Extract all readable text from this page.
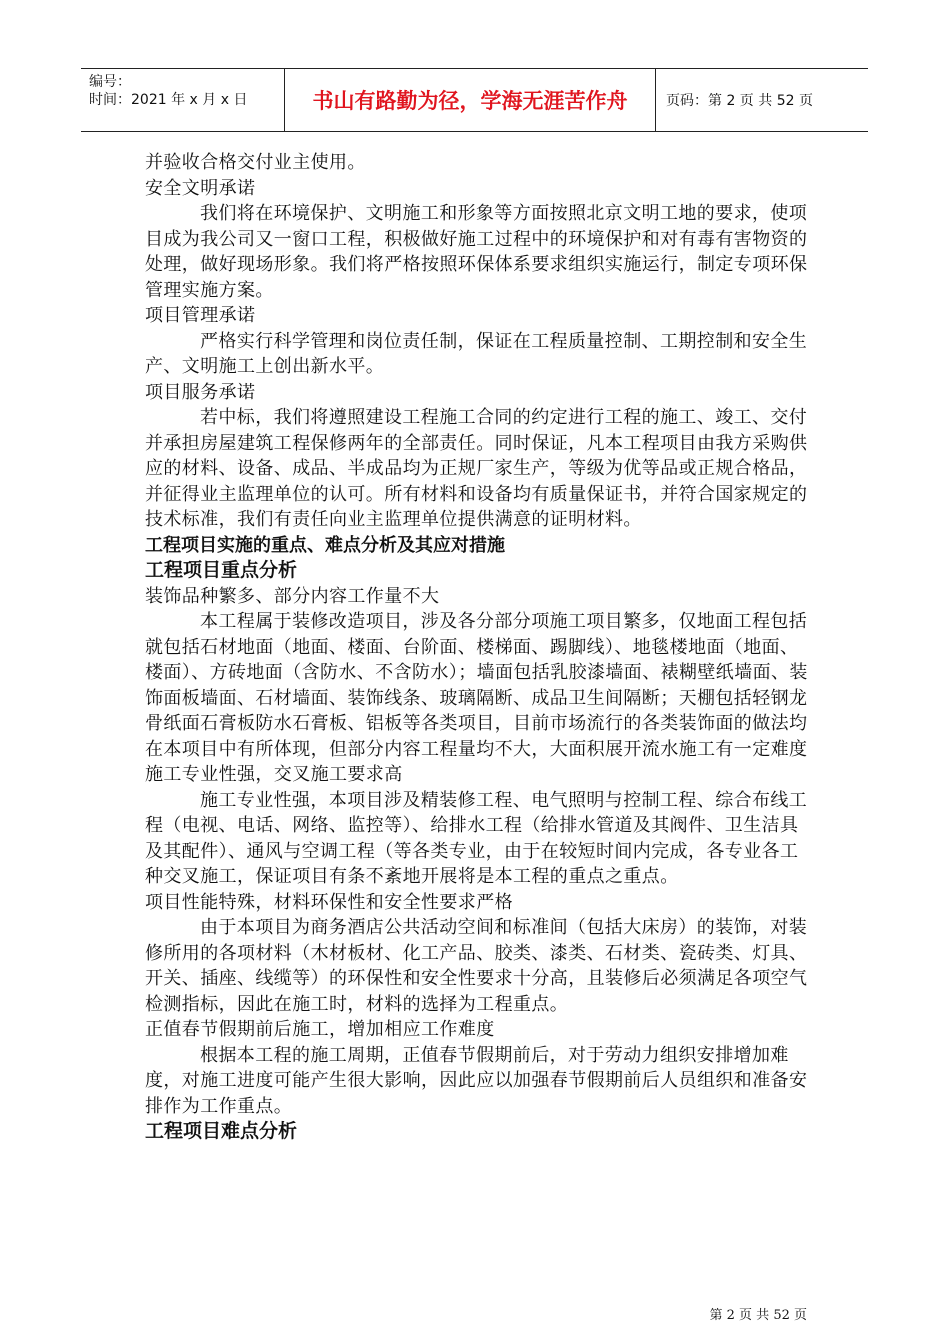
编号：
时间：2021 年 x 月 x 日	书山有路勤为径，学海无涯苦作舟	页码：第 2 页 共 52 页

并验收合格交付业主使用。

安全文明承诺

我们将在环境保护、文明施工和形象等方面按照北京文明工地的要求，使项目成为我公司又一窗口工程，积极做好施工过程中的环境保护和对有毒有害物资的处理，做好现场形象。我们将严格按照环保体系要求组织实施运行，制定专项环保管理实施方案。

项目管理承诺

严格实行科学管理和岗位责任制，保证在工程质量控制、工期控制和安全生产、文明施工上创出新水平。

项目服务承诺

若中标，我们将遵照建设工程施工合同的约定进行工程的施工、竣工、交付并承担房屋建筑工程保修两年的全部责任。同时保证，凡本工程项目由我方采购供应的材料、设备、成品、半成品均为正规厂家生产，等级为优等品或正规合格品，并征得业主监理单位的认可。所有材料和设备均有质量保证书，并符合国家规定的技术标准，我们有责任向业主监理单位提供满意的证明材料。

工程项目实施的重点、难点分析及其应对措施

工程项目重点分析

装饰品种繁多、部分内容工作量不大

本工程属于装修改造项目，涉及各分部分项施工项目繁多，仅地面工程包括就包括石材地面（地面、楼面、台阶面、楼梯面、踢脚线）、地毯楼地面（地面、楼面）、方砖地面（含防水、不含防水）；墙面包括乳胶漆墙面、裱糊壁纸墙面、装饰面板墙面、石材墙面、装饰线条、玻璃隔断、成品卫生间隔断；天棚包括轻钢龙骨纸面石膏板防水石膏板、铝板等各类项目，目前市场流行的各类装饰面的做法均在本项目中有所体现，但部分内容工程量均不大，大面积展开流水施工有一定难度

施工专业性强，交叉施工要求高

施工专业性强，本项目涉及精装修工程、电气照明与控制工程、综合布线工程（电视、电话、网络、监控等）、给排水工程（给排水管道及其阀件、卫生洁具及其配件）、通风与空调工程（等各类专业，由于在较短时间内完成，各专业各工种交叉施工，保证项目有条不紊地开展将是本工程的重点之重点。

项目性能特殊，材料环保性和安全性要求严格

由于本项目为商务酒店公共活动空间和标准间（包括大床房）的装饰，对装修所用的各项材料（木材板材、化工产品、胶类、漆类、石材类、瓷砖类、灯具、开关、插座、线缆等）的环保性和安全性要求十分高，且装修后必须满足各项空气检测指标，因此在施工时，材料的选择为工程重点。

正值春节假期前后施工，增加相应工作难度

根据本工程的施工周期，正值春节假期前后，对于劳动力组织安排增加难度，对施工进度可能产生很大影响，因此应以加强春节假期前后人员组织和准备安排作为工作重点。

工程项目难点分析

第 2 页 共 52 页
